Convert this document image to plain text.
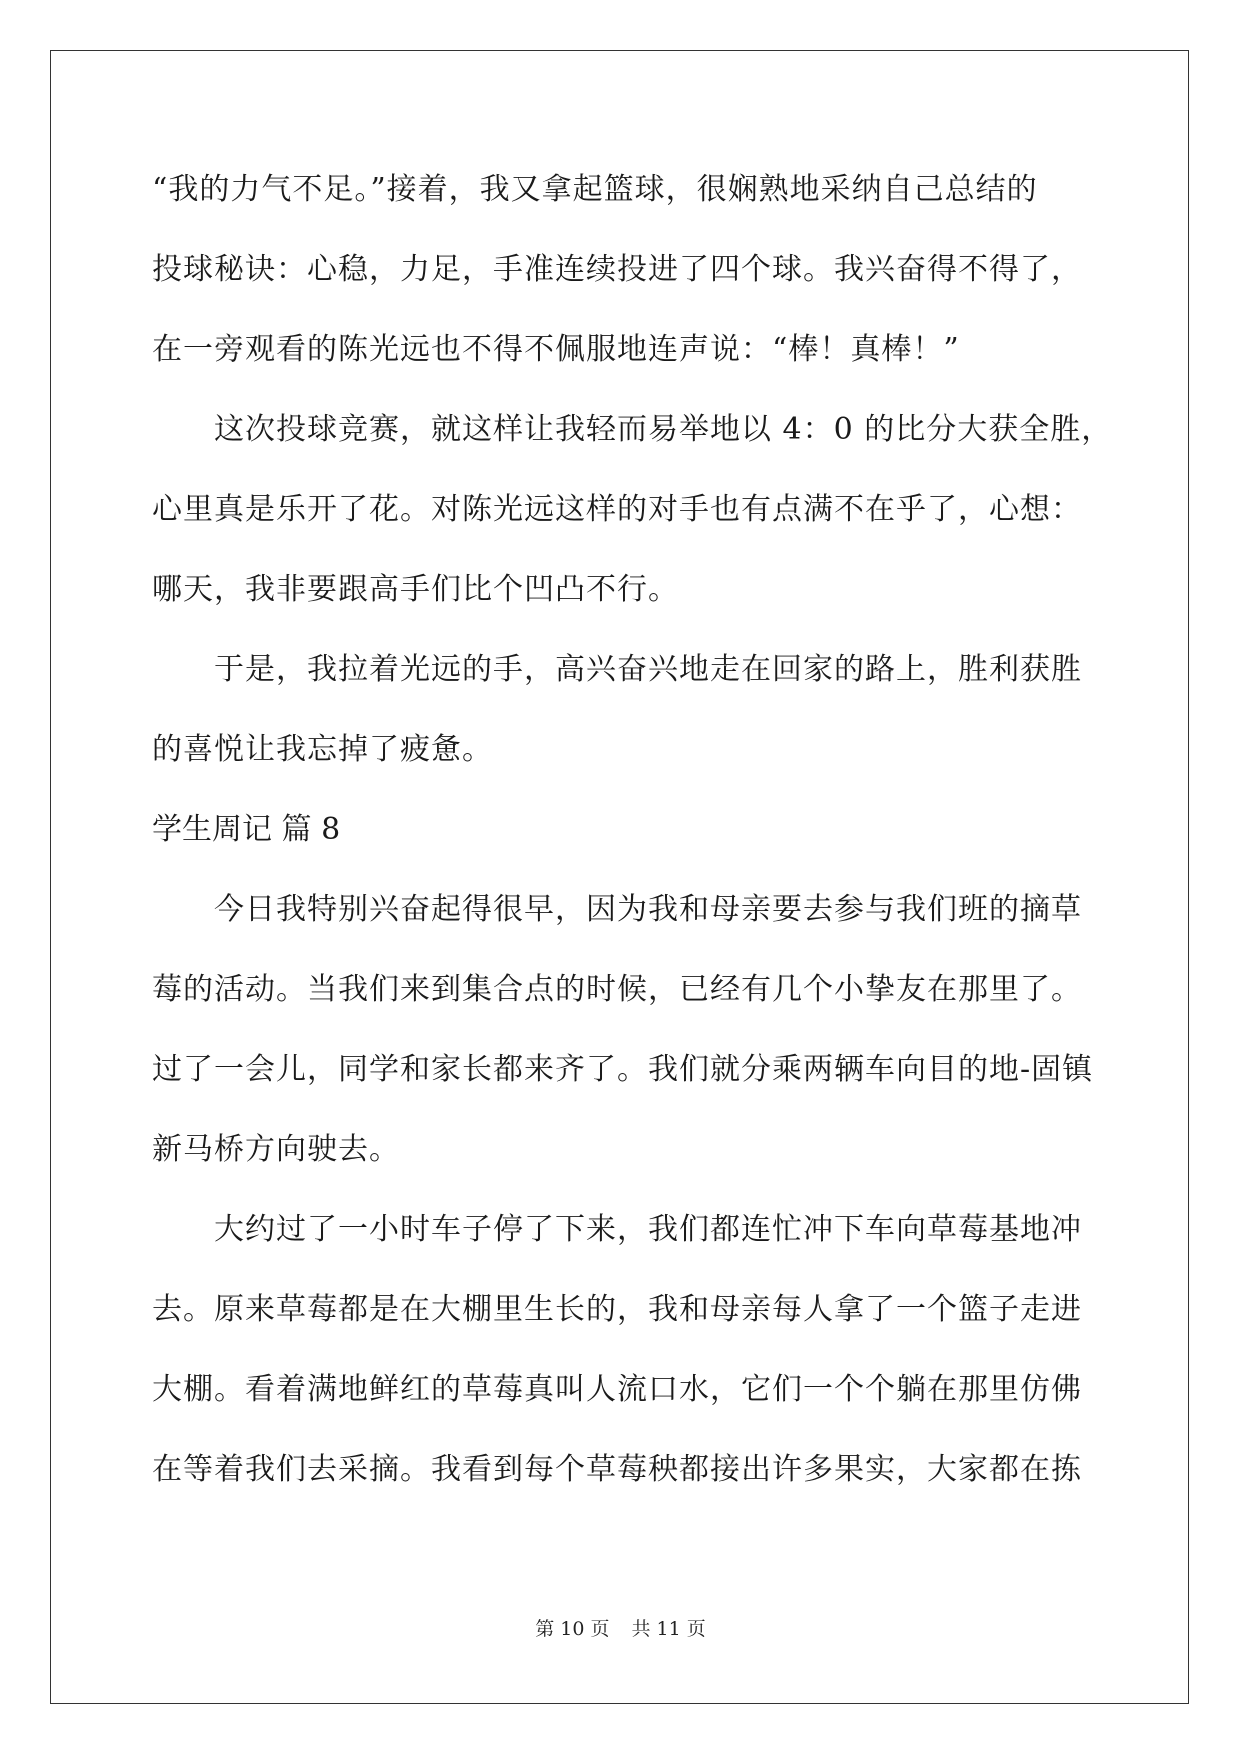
“我的力气不足。”接着，我又拿起篮球，很娴熟地采纳自己总结的
投球秘诀：心稳，力足，手准连续投进了四个球。我兴奋得不得了，
在一旁观看的陈光远也不得不佩服地连声说：“棒！真棒！”
这次投球竞赛，就这样让我轻而易举地以 4：0 的比分大获全胜，
心里真是乐开了花。对陈光远这样的对手也有点满不在乎了，心想：
哪天，我非要跟高手们比个凹凸不行。
于是，我拉着光远的手，高兴奋兴地走在回家的路上，胜利获胜
的喜悦让我忘掉了疲惫。
学生周记 篇 8
今日我特别兴奋起得很早，因为我和母亲要去参与我们班的摘草
莓的活动。当我们来到集合点的时候，已经有几个小挚友在那里了。
过了一会儿，同学和家长都来齐了。我们就分乘两辆车向目的地-固镇
新马桥方向驶去。
大约过了一小时车子停了下来，我们都连忙冲下车向草莓基地冲
去。原来草莓都是在大棚里生长的，我和母亲每人拿了一个篮子走进
大棚。看着满地鲜红的草莓真叫人流口水，它们一个个躺在那里仿佛
在等着我们去采摘。我看到每个草莓秧都接出许多果实，大家都在拣
第 10 页 共 11 页
